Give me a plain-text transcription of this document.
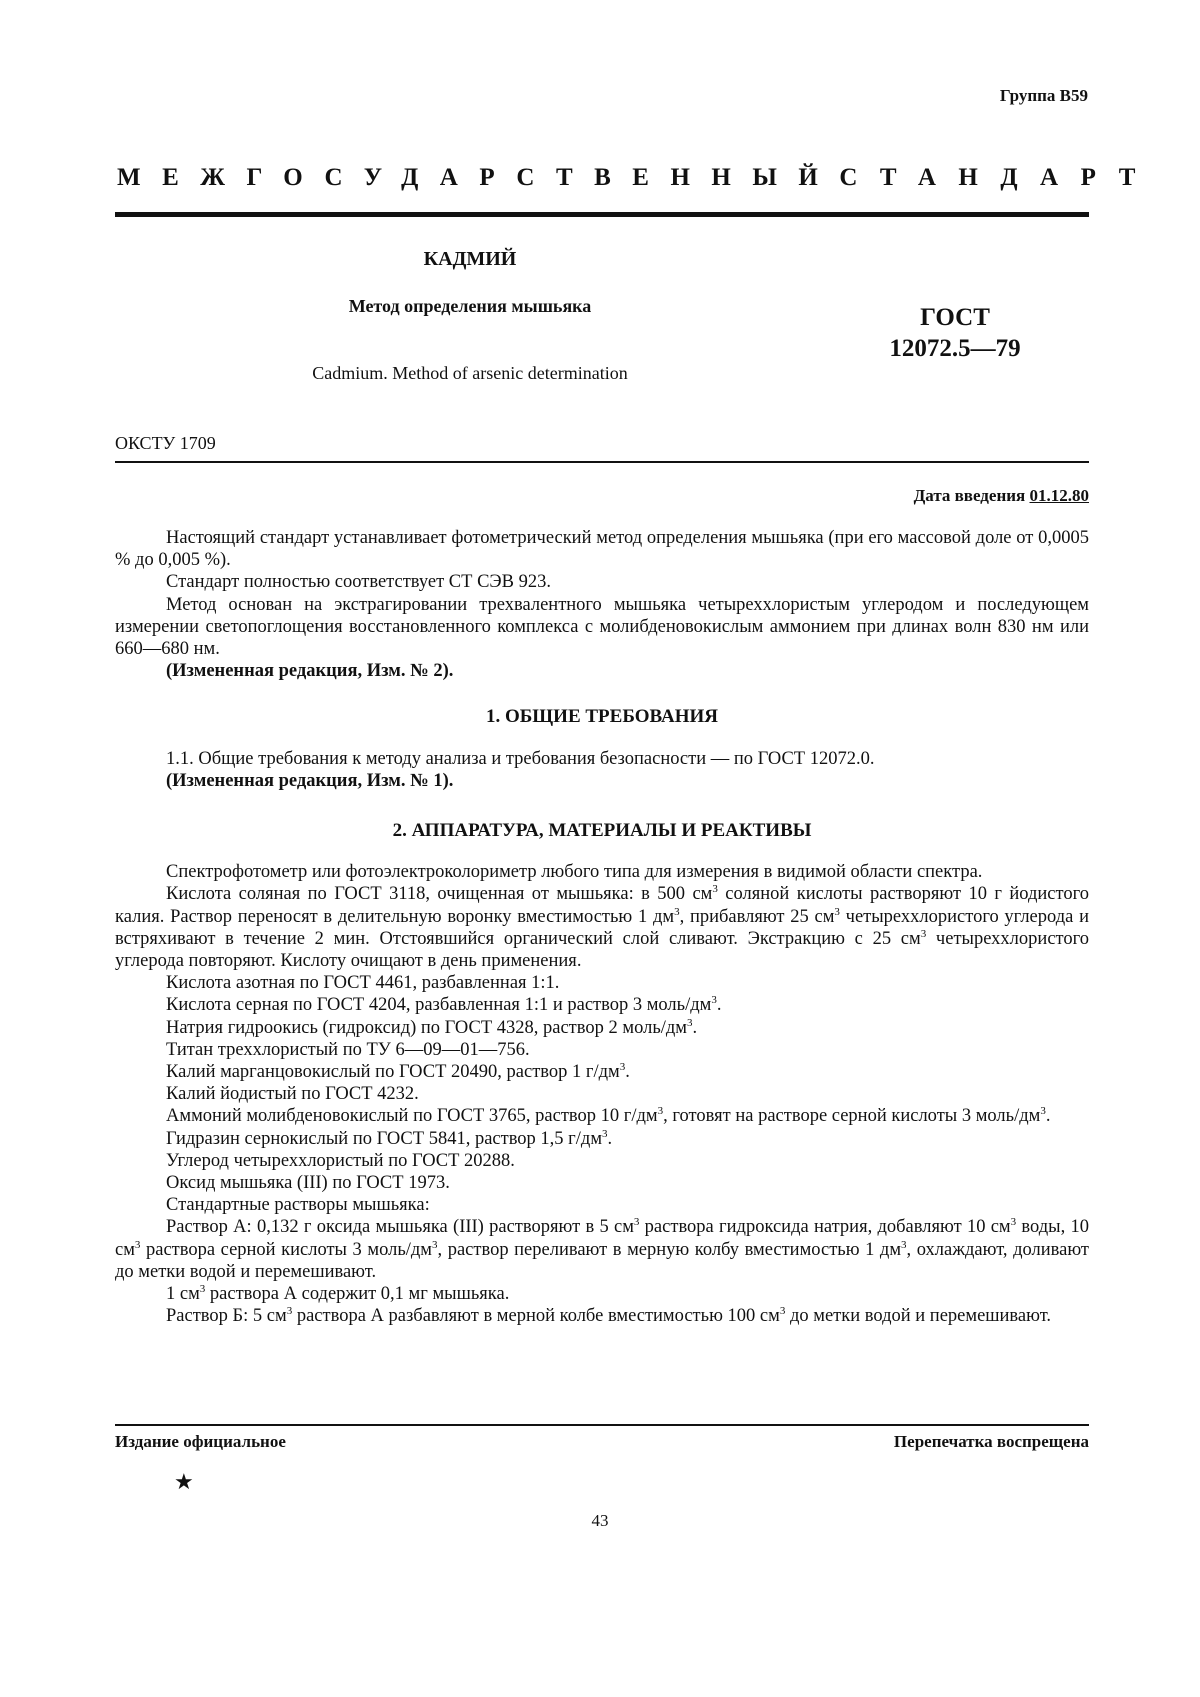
Группа В59
МЕЖГОСУДАРСТВЕННЫЙ СТАНДАРТ
КАДМИЙ
Метод определения мышьяка
Cadmium. Method of arsenic determination
ГОСТ
12072.5—79
ОКСТУ 1709
Дата введения 01.12.80

Настоящий стандарт устанавливает фотометрический метод определения мышьяка (при его массовой доле от 0,0005 % до 0,005 %).

Стандарт полностью соответствует СТ СЭВ 923.

Метод основан на экстрагировании трехвалентного мышьяка четыреххлористым углеродом и последующем измерении светопоглощения восстановленного комплекса с молибденовокислым аммонием при длинах волн 830 нм или 660—680 нм.

(Измененная редакция, Изм. № 2).

1. ОБЩИЕ ТРЕБОВАНИЯ

1.1. Общие требования к методу анализа и требования безопасности — по ГОСТ 12072.0.

(Измененная редакция, Изм. № 1).

2. АППАРАТУРА, МАТЕРИАЛЫ И РЕАКТИВЫ

Спектрофотометр или фотоэлектроколориметр любого типа для измерения в видимой области спектра.

Кислота соляная по ГОСТ 3118, очищенная от мышьяка: в 500 $см^3$ соляной кислоты растворяют 10 г йодистого калия. Раствор переносят в делительную воронку вместимостью 1 $дм^3$, прибавляют 25 $см^3$ четыреххлористого углерода и встряхивают в течение 2 мин. Отстоявшийся органический слой сливают. Экстракцию с 25 $см^3$ четыреххлористого углерода повторяют. Кислоту очищают в день применения.

Кислота азотная по ГОСТ 4461, разбавленная 1:1.

Кислота серная по ГОСТ 4204, разбавленная 1:1 и раствор 3 моль/$дм^3$.

Натрия гидроокись (гидроксид) по ГОСТ 4328, раствор 2 моль/$дм^3$.

Титан треххлористый по ТУ 6—09—01—756.

Калий марганцовокислый по ГОСТ 20490, раствор 1 $г/дм^3$.

Калий йодистый по ГОСТ 4232.

Аммоний молибденовокислый по ГОСТ 3765, раствор 10 $г/дм^3$, готовят на растворе серной кислоты 3 моль/$дм^3$.

Гидразин сернокислый по ГОСТ 5841, раствор 1,5 $г/дм^3$.

Углерод четыреххлористый по ГОСТ 20288.

Оксид мышьяка (III) по ГОСТ 1973.

Стандартные растворы мышьяка:

Раствор А: 0,132 г оксида мышьяка (III) растворяют в 5 $см^3$ раствора гидроксида натрия, добавляют 10 $см^3$ воды, 10 $см^3$ раствора серной кислоты 3 моль/$дм^3$, раствор переливают в мерную колбу вместимостью 1 $дм^3$, охлаждают, доливают до метки водой и перемешивают.

1 $см^3$ раствора А содержит 0,1 мг мышьяка.

Раствор Б: 5 $см^3$ раствора А разбавляют в мерной колбе вместимостью 100 $см^3$ до метки водой и перемешивают.

Издание официальное	Перепечатка воспрещена
★
43
